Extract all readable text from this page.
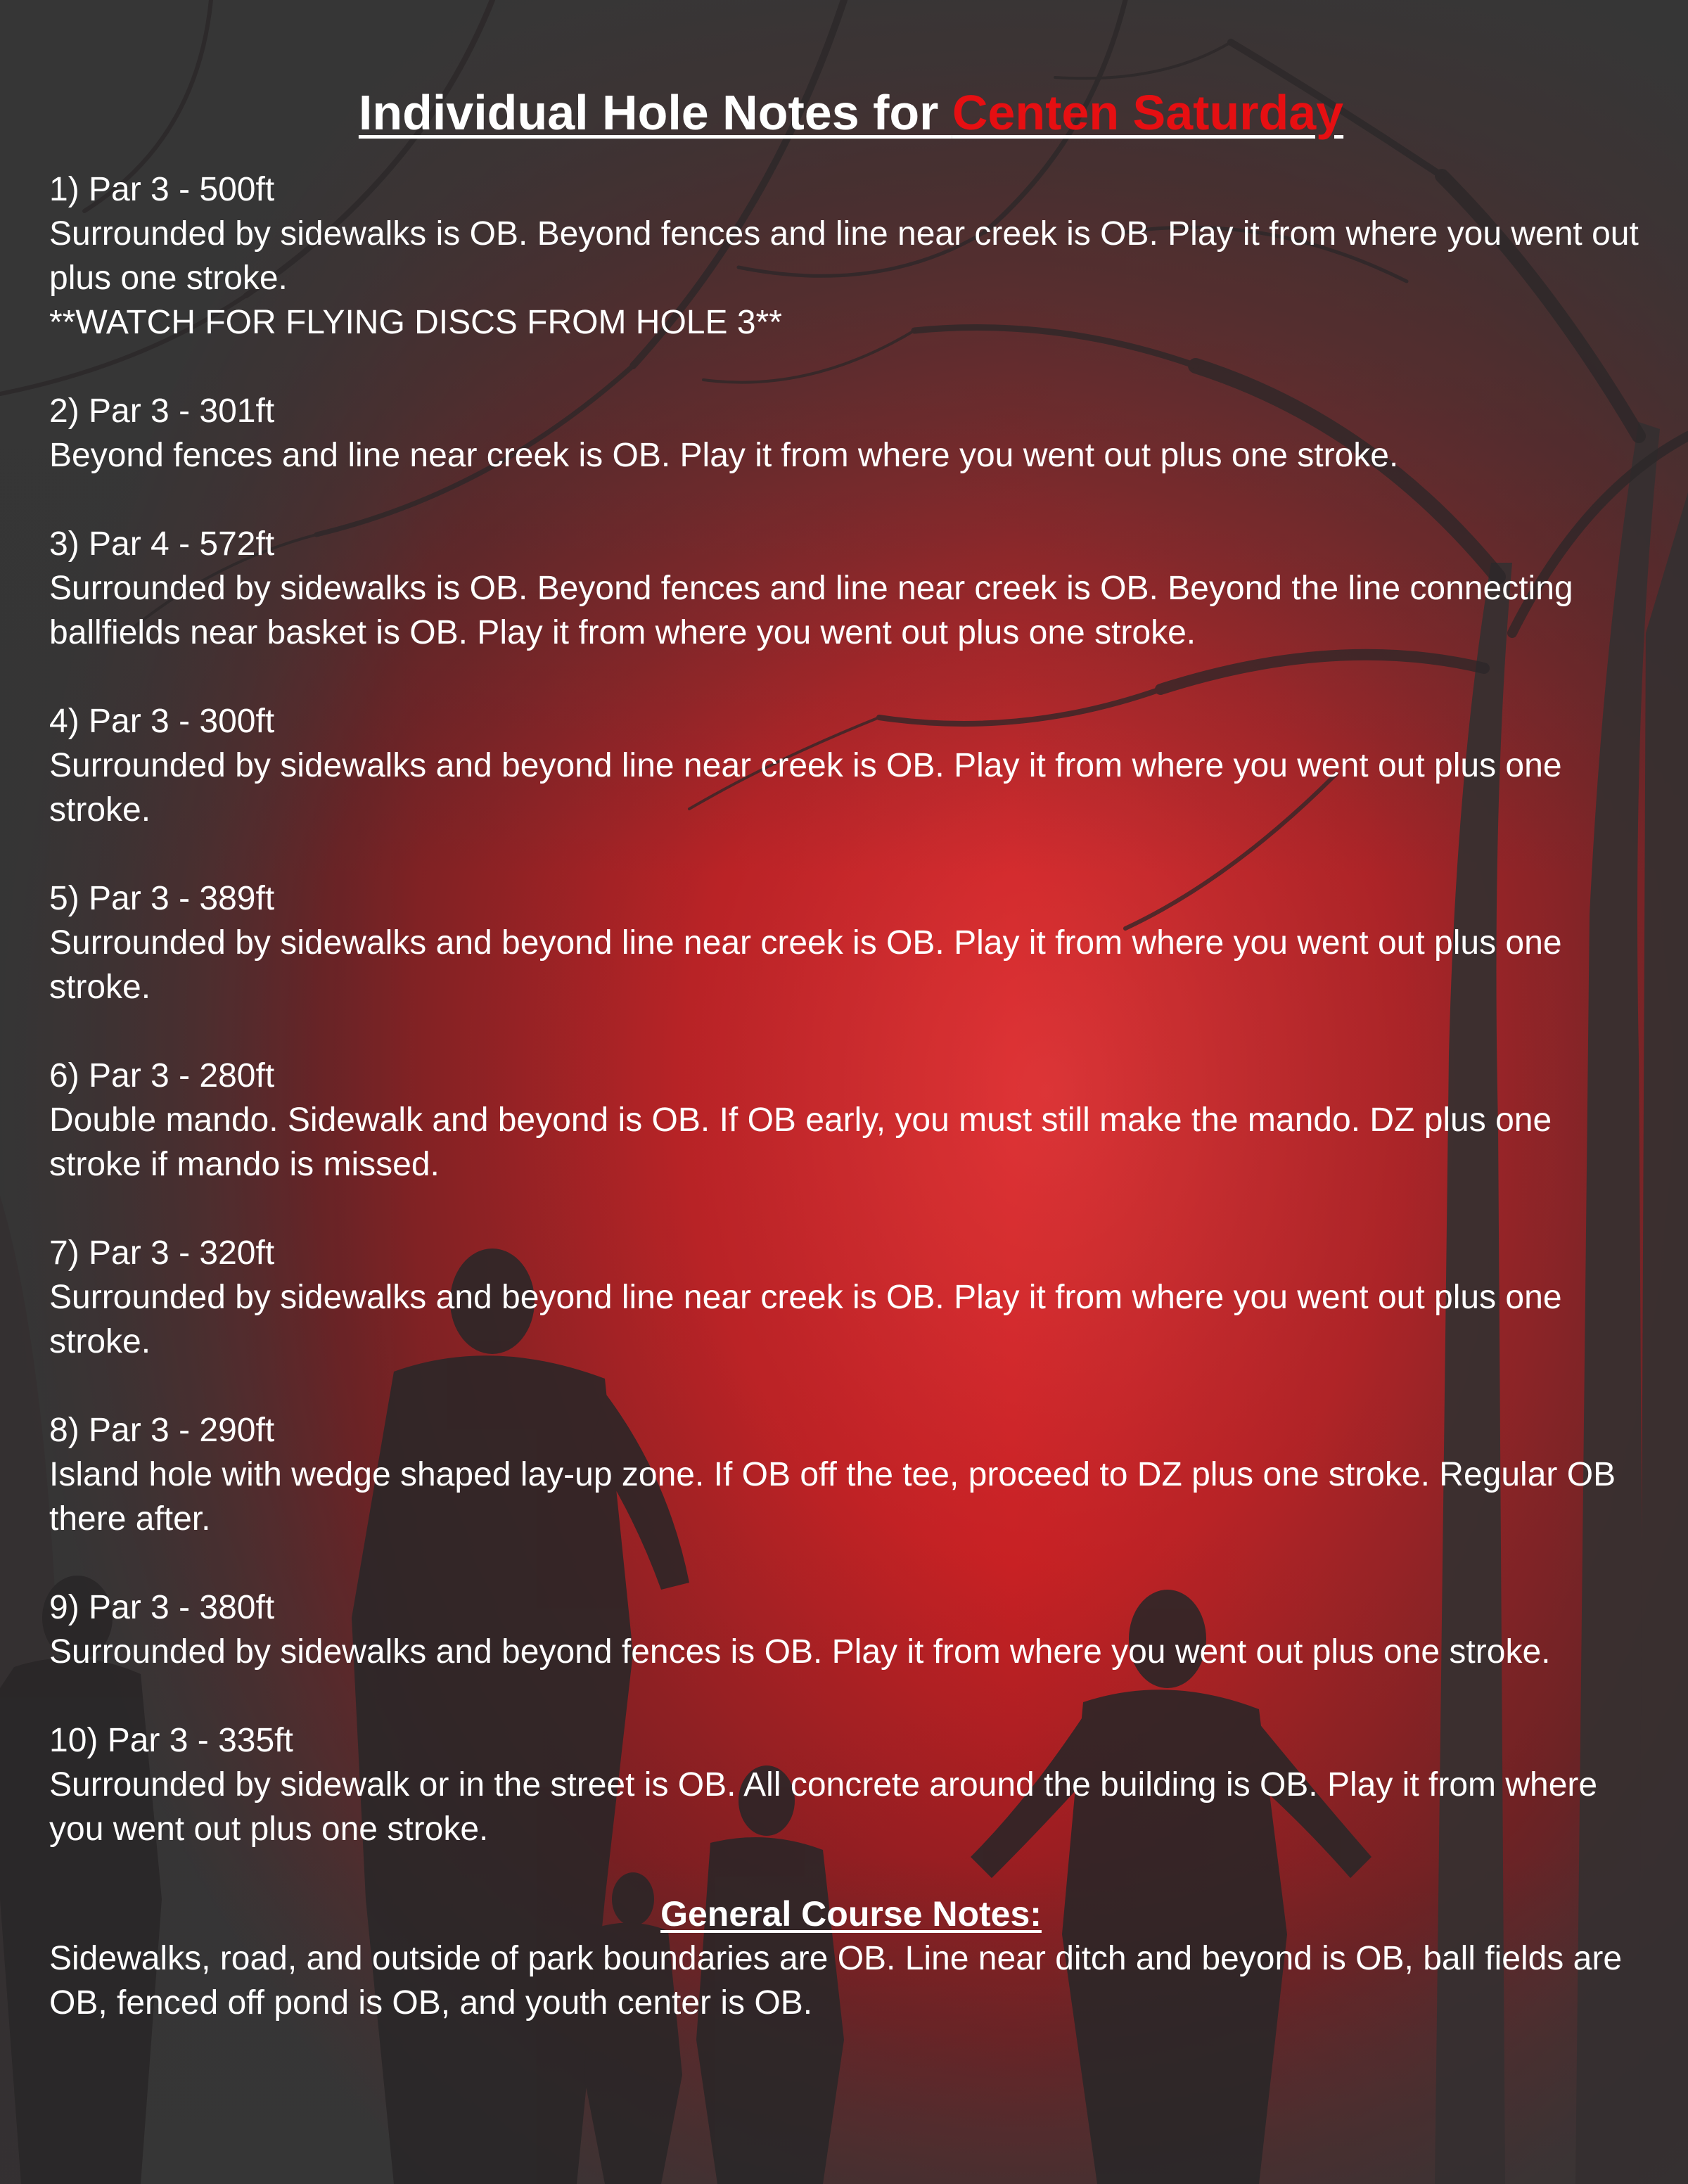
Individual Hole Notes for Centen Saturday
1) Par 3 - 500ft
Surrounded by sidewalks is OB. Beyond fences and line near creek is OB. Play it from where you went out plus one stroke.
**WATCH FOR FLYING DISCS FROM HOLE 3**
2) Par 3 - 301ft
Beyond fences and line near creek is OB. Play it from where you went out plus one stroke.
3) Par 4 - 572ft
Surrounded by sidewalks is OB. Beyond fences and line near creek is OB. Beyond the line connecting ballfields near basket is OB. Play it from where you went out plus one stroke.
4) Par 3 - 300ft
Surrounded by sidewalks and beyond line near creek is OB. Play it from where you went out plus one stroke.
5) Par 3 - 389ft
Surrounded by sidewalks and beyond line near creek is OB. Play it from where you went out plus one stroke.
6) Par 3 - 280ft
Double mando. Sidewalk and beyond is OB. If OB early, you must still make the mando. DZ plus one stroke if mando is missed.
7) Par 3 - 320ft
Surrounded by sidewalks and beyond line near creek is OB. Play it from where you went out plus one stroke.
8) Par 3 - 290ft
Island hole with wedge shaped lay-up zone. If OB off the tee, proceed to DZ plus one stroke. Regular OB there after.
9) Par 3 - 380ft
Surrounded by sidewalks and beyond fences is OB. Play it from where you went out plus one stroke.
10) Par 3 - 335ft
Surrounded by sidewalk or in the street is OB. All concrete around the building is OB. Play it from where you went out plus one stroke.
General Course Notes:
Sidewalks, road, and outside of park boundaries are OB. Line near ditch and beyond is OB, ball fields are OB, fenced off pond is OB, and youth center is OB.
